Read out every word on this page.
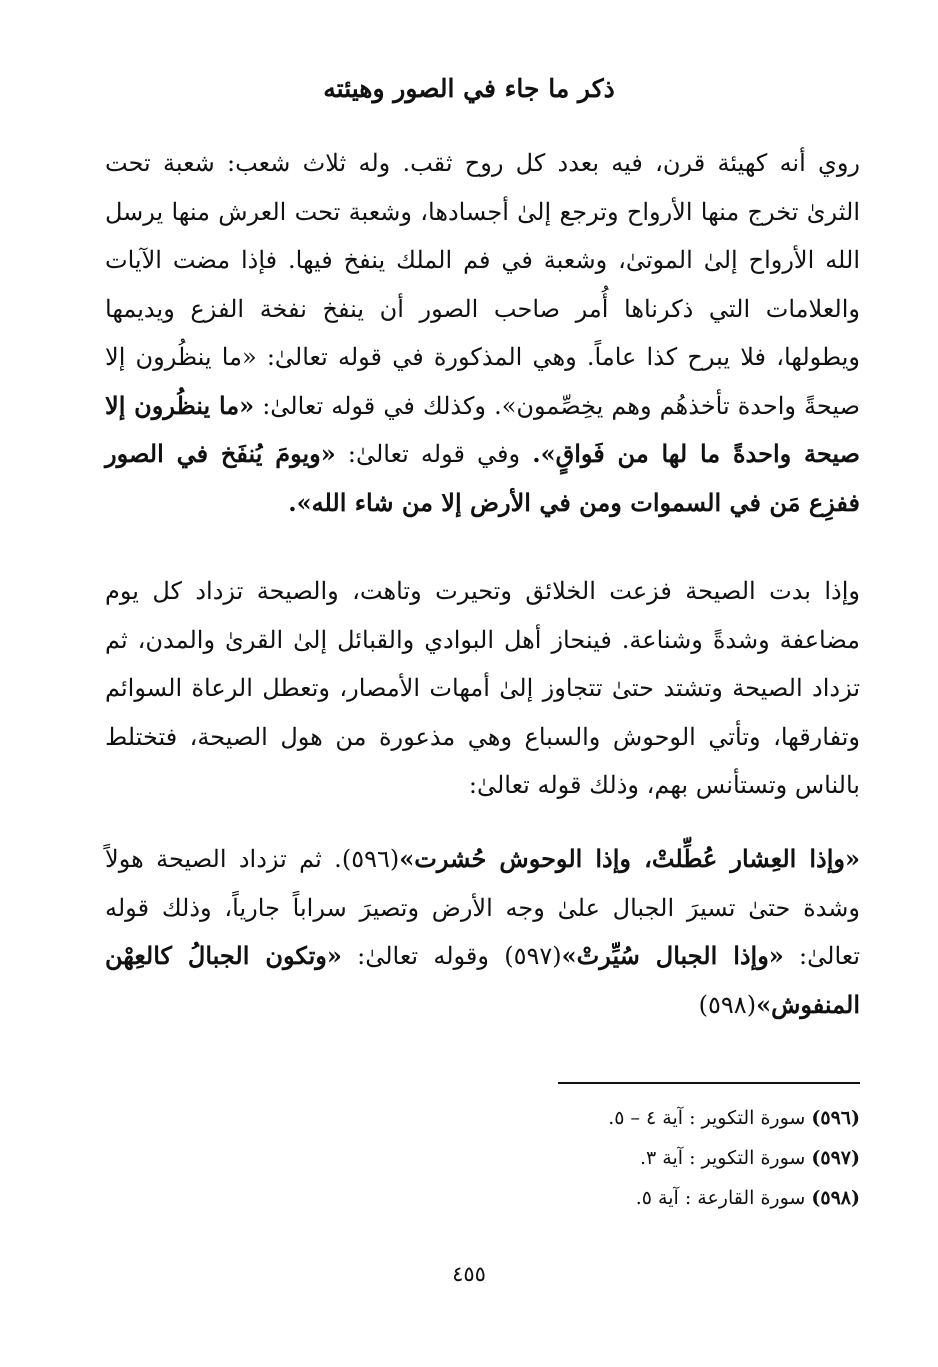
ذكر ما جاء في الصور وهيئته

روي أنه كهيئة قرن، فيه بعدد كل روح ثقب. وله ثلاث شعب: شعبة تحت الثرىٰ تخرج منها الأرواح وترجع إلىٰ أجسادها، وشعبة تحت العرش منها يرسل الله الأرواح إلىٰ الموتىٰ، وشعبة في فم الملك ينفخ فيها. فإذا مضت الآيات والعلامات التي ذكرناها أُمر صاحب الصور أن ينفخ نفخة الفزع ويديمها ويطولها، فلا يبرح كذا عاماً. وهي المذكورة في قوله تعالىٰ: «ما ينظُرون إلا صيحةً واحدة تأخذهُم وهم يخِصِّمون». وكذلك في قوله تعالىٰ: «ما ينظُرون إلا صيحة واحدةً ما لها من فَواقٍ». وفي قوله تعالىٰ: «ويومَ يُنفَخ في الصور ففزِع مَن في السموات ومن في الأرض إلا من شاء الله».

وإذا بدت الصيحة فزعت الخلائق وتحيرت وتاهت، والصيحة تزداد كل يوم مضاعفة وشدةً وشناعة. فينحاز أهل البوادي والقبائل إلىٰ القرىٰ والمدن، ثم تزداد الصيحة وتشتد حتىٰ تتجاوز إلىٰ أمهات الأمصار، وتعطل الرعاة السوائم وتفارقها، وتأتي الوحوش والسباع وهي مذعورة من هول الصيحة، فتختلط بالناس وتستأنس بهم، وذلك قوله تعالىٰ:

«وإذا العِشار عُطِّلتْ، وإذا الوحوش حُشرت»(٥٩٦). ثم تزداد الصيحة هولاً وشدة حتىٰ تسيرَ الجبال علىٰ وجه الأرض وتصيرَ سراباً جارياً، وذلك قوله تعالىٰ: «وإذا الجبال سُيِّرتْ»(٥٩٧) وقوله تعالىٰ: «وتكون الجبالُ كالعِهْن المنفوش»(٥٩٨)

(٥٩٦) سورة التكوير : آية ٤ – ٥.
(٥٩٧) سورة التكوير : آية ٣.
(٥٩٨) سورة القارعة : آية ٥.
٤٥٥
